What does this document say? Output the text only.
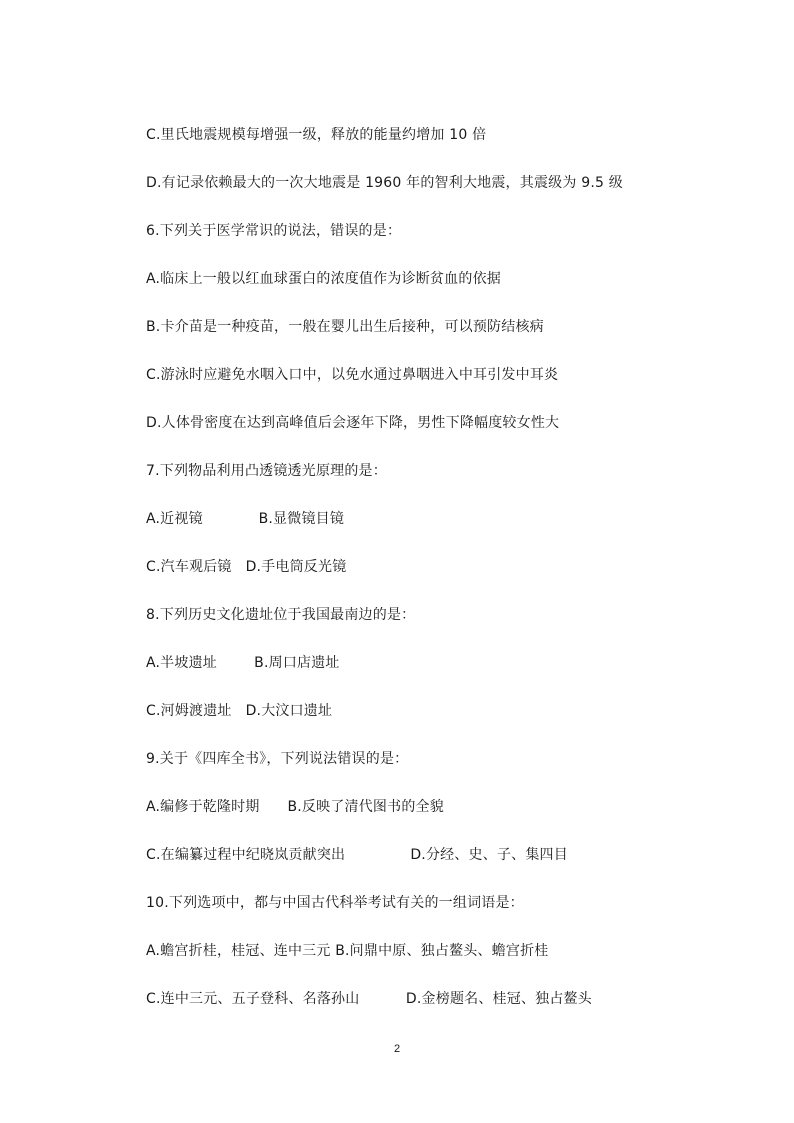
C.里氏地震规模每增强一级，释放的能量约增加 10 倍
D.有记录依赖最大的一次大地震是 1960 年的智利大地震，其震级为 9.5 级
6.下列关于医学常识的说法，错误的是：
A.临床上一般以红血球蛋白的浓度值作为诊断贫血的依据
B.卡介苗是一种疫苗，一般在婴儿出生后接种，可以预防结核病
C.游泳时应避免水咽入口中，以免水通过鼻咽进入中耳引发中耳炎
D.人体骨密度在达到高峰值后会逐年下降，男性下降幅度较女性大
7.下列物品利用凸透镜透光原理的是：
A.近视镜            B.显微镜目镜
C.汽车观后镜   D.手电筒反光镜
8.下列历史文化遗址位于我国最南边的是：
A.半坡遗址        B.周口店遗址
C.河姆渡遗址   D.大汶口遗址
9.关于《四库全书》，下列说法错误的是：
A.编修于乾隆时期      B.反映了清代图书的全貌
C.在编纂过程中纪晓岚贡献突出              D.分经、史、子、集四目
10.下列选项中，都与中国古代科举考试有关的一组词语是：
A.蟾宫折桂，桂冠、连中三元 B.问鼎中原、独占鳌头、蟾宫折桂
C.连中三元、五子登科、名落孙山          D.金榜题名、桂冠、独占鳌头
2
